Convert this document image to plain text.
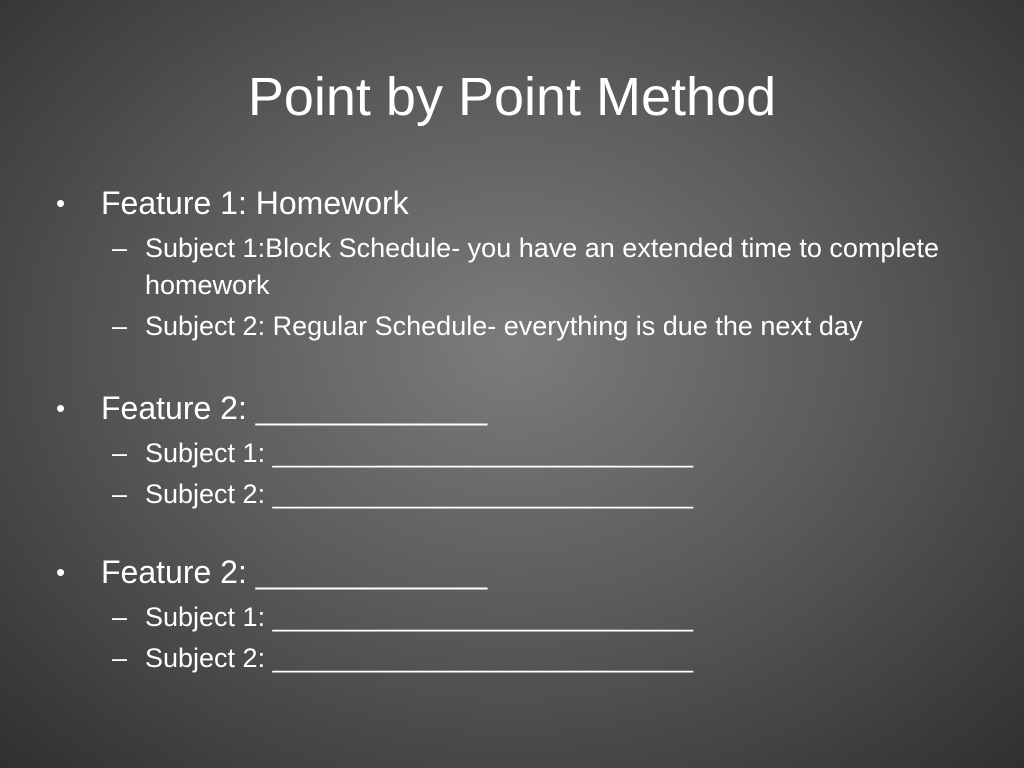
Point by Point Method
• Feature 1: Homework
– Subject 1:Block Schedule- you have an extended time to complete homework
– Subject 2: Regular Schedule- everything is due the next day
• Feature 2: _____________
– Subject 1: ____________________________
– Subject 2: ____________________________
• Feature 2: _____________
– Subject 1: ____________________________
– Subject 2: ____________________________
